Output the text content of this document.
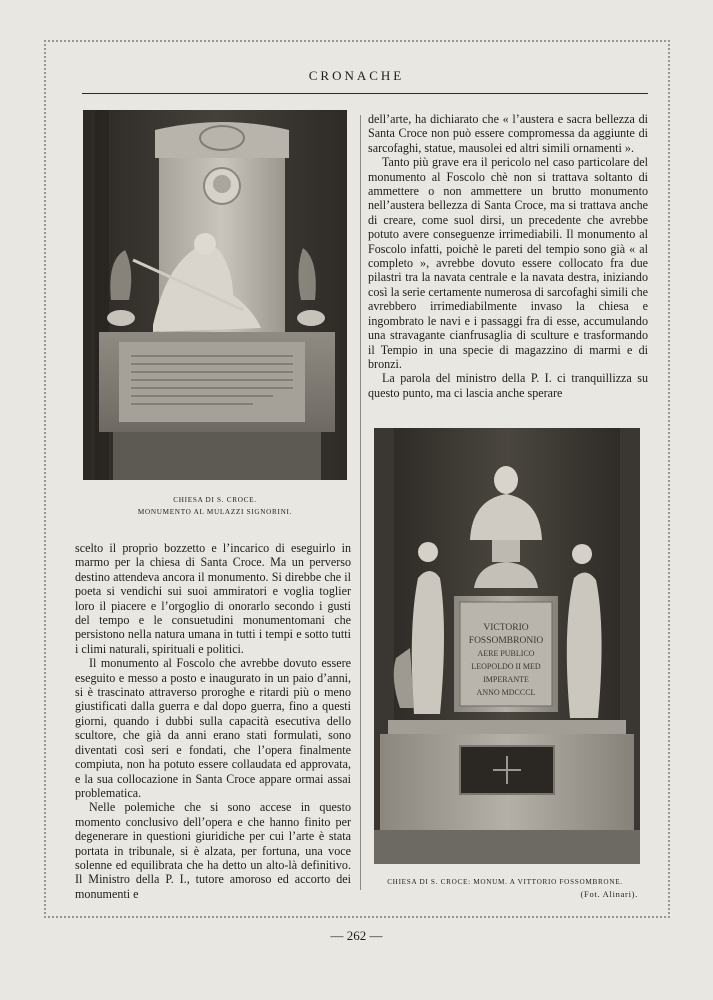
CRONACHE
CHIESA DI S. CROCE.
MONUMENTO AL MULAZZI SIGNORINI.

scelto il proprio bozzetto e l’incarico di eseguirlo in marmo per la chiesa di Santa Croce. Ma un perverso destino attendeva ancora il monumento. Si direbbe che il poeta si vendichi sui suoi ammiratori e voglia toglier loro il piacere e l’orgoglio di onorarlo secondo i gusti del tempo e le consuetudini monumentomani che persistono nella natura umana in tutti i tempi e sotto tutti i climi naturali, spirituali e politici.

Il monumento al Foscolo che avrebbe dovuto essere eseguito e messo a posto e inaugurato in un paio d’anni, si è trascinato attraverso proroghe e ritardi più o meno giustificati dalla guerra e dal dopo guerra, fino a questi giorni, quando i dubbi sulla capacità esecutiva dello scultore, che già da anni erano stati formulati, sono diventati così seri e fondati, che l’opera finalmente compiuta, non ha potuto essere collaudata ed approvata, e la sua collocazione in Santa Croce appare ormai assai problematica.

Nelle polemiche che si sono accese in questo momento conclusivo dell’opera e che hanno finito per degenerare in questioni giuridiche per cui l’arte è stata portata in tribunale, si è alzata, per fortuna, una voce solenne ed equilibrata che ha detto un alto-là definitivo. Il Ministro della P. I., tutore amoroso ed accorto dei monumenti e

dell’arte, ha dichiarato che « l’austera e sacra bellezza di Santa Croce non può essere compromessa da aggiunte di sarcofaghi, statue, mausolei ed altri simili ornamenti ».

Tanto più grave era il pericolo nel caso particolare del monumento al Foscolo chè non si trattava soltanto di ammettere o non ammettere un brutto monumento nell’austera bellezza di Santa Croce, ma si trattava anche di creare, come suol dirsi, un precedente che avrebbe potuto avere conseguenze irrimediabili. Il monumento al Foscolo infatti, poichè le pareti del tempio sono già « al completo », avrebbe dovuto essere collocato fra due pilastri tra la navata centrale e la navata destra, iniziando così la serie certamente numerosa di sarcofaghi simili che avrebbero irrimediabilmente invaso la chiesa e ingombrato le navi e i passaggi fra di esse, accumulando una stravagante cianfrusaglia di sculture e trasformando il Tempio in una specie di magazzino di marmi e di bronzi.

La parola del ministro della P. I. ci tranquillizza su questo punto, ma ci lascia anche sperare

VICTORIO
FOSSOMBRONIO
AERE PUBLICO
LEOPOLDO II MED
IMPERANTE
ANNO MDCCCL
CHIESA DI S. CROCE: MONUM. A VITTORIO FOSSOMBRONE.
(Fot. Alinari).
— 262 —
